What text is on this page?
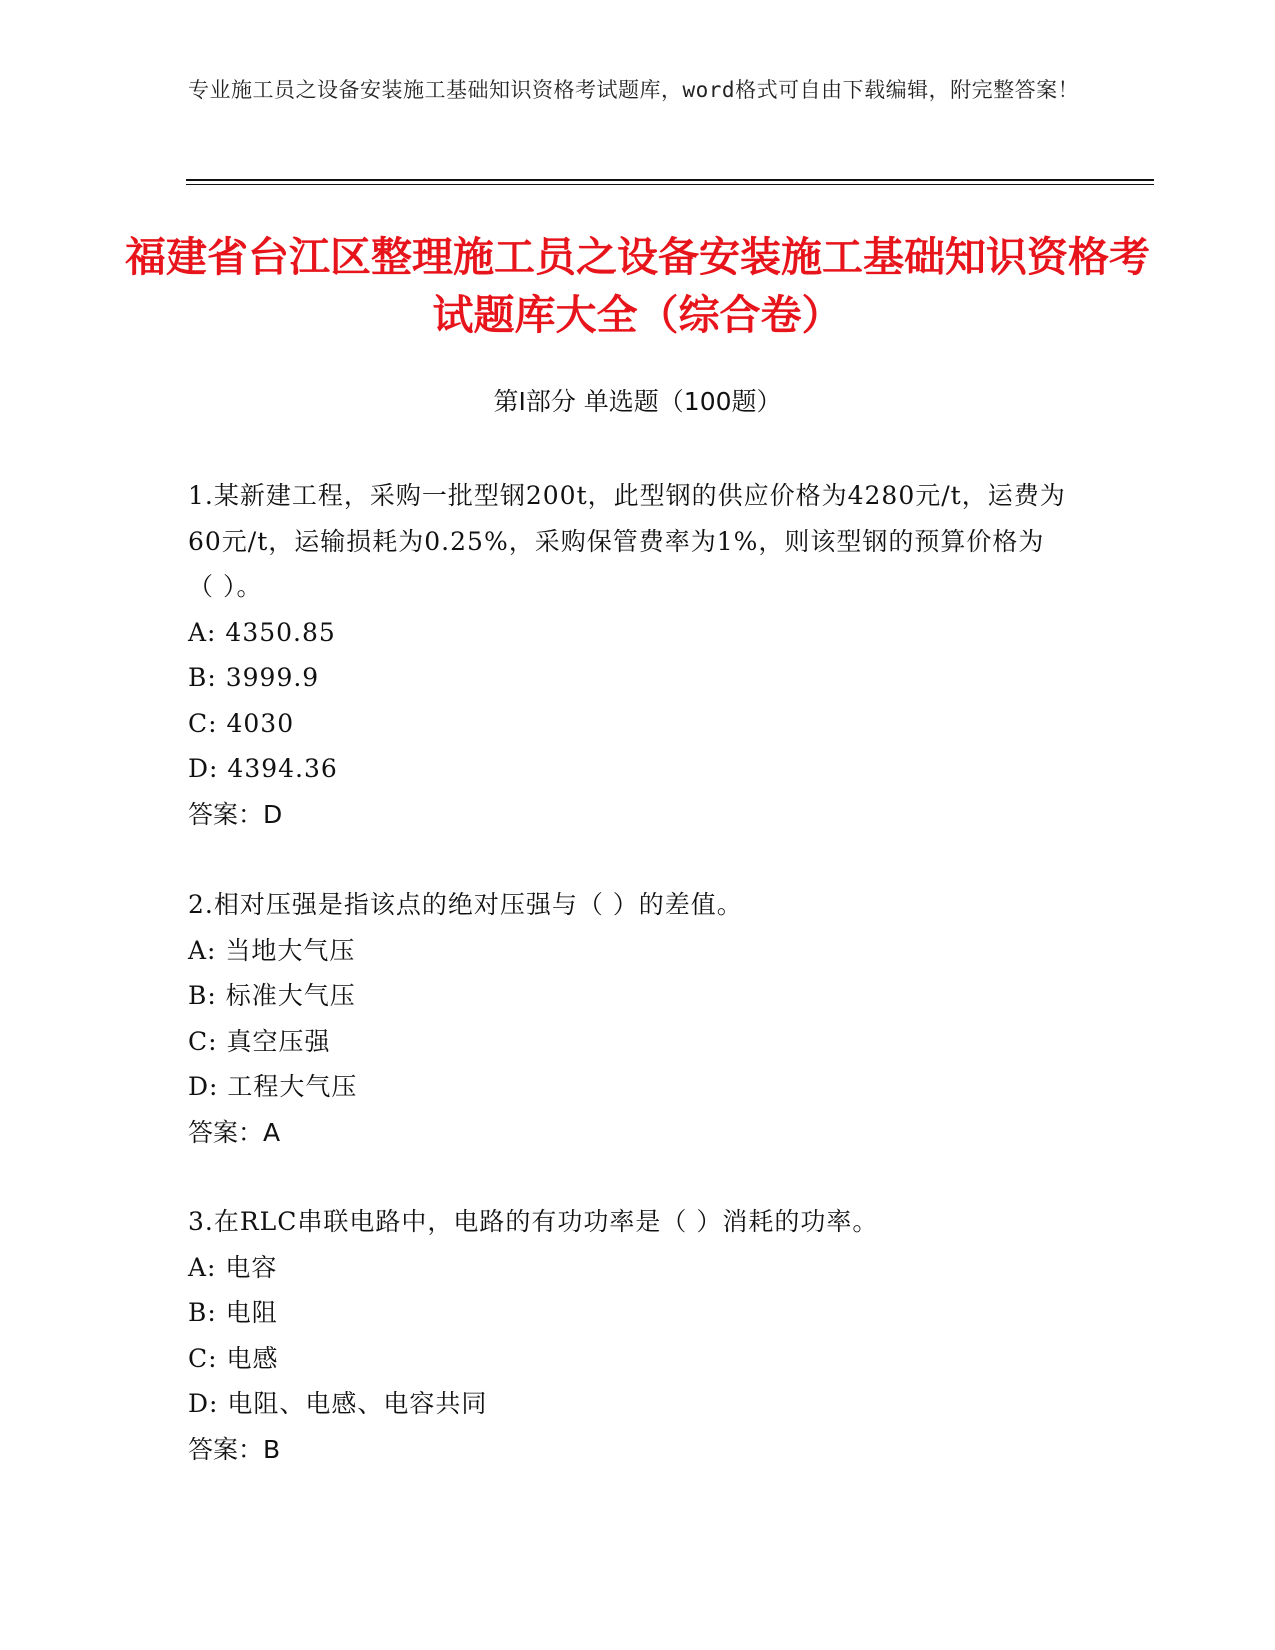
专业施工员之设备安装施工基础知识资格考试题库，word格式可自由下载编辑，附完整答案！
福建省台江区整理施工员之设备安装施工基础知识资格考试题库大全（综合卷）
第Ⅰ部分 单选题（100题）

1.某新建工程，采购一批型钢200t，此型钢的供应价格为4280元/t，运费为60元/t，运输损耗为0.25%，采购保管费率为1%，则该型钢的预算价格为（ ）。

A: 4350.85

B: 3999.9

C: 4030

D: 4394.36

答案：D

2.相对压强是指该点的绝对压强与（ ）的差值。

A: 当地大气压

B: 标准大气压

C: 真空压强

D: 工程大气压

答案：A

3.在RLC串联电路中，电路的有功功率是（ ）消耗的功率。

A: 电容

B: 电阻

C: 电感

D: 电阻、电感、电容共同

答案：B
